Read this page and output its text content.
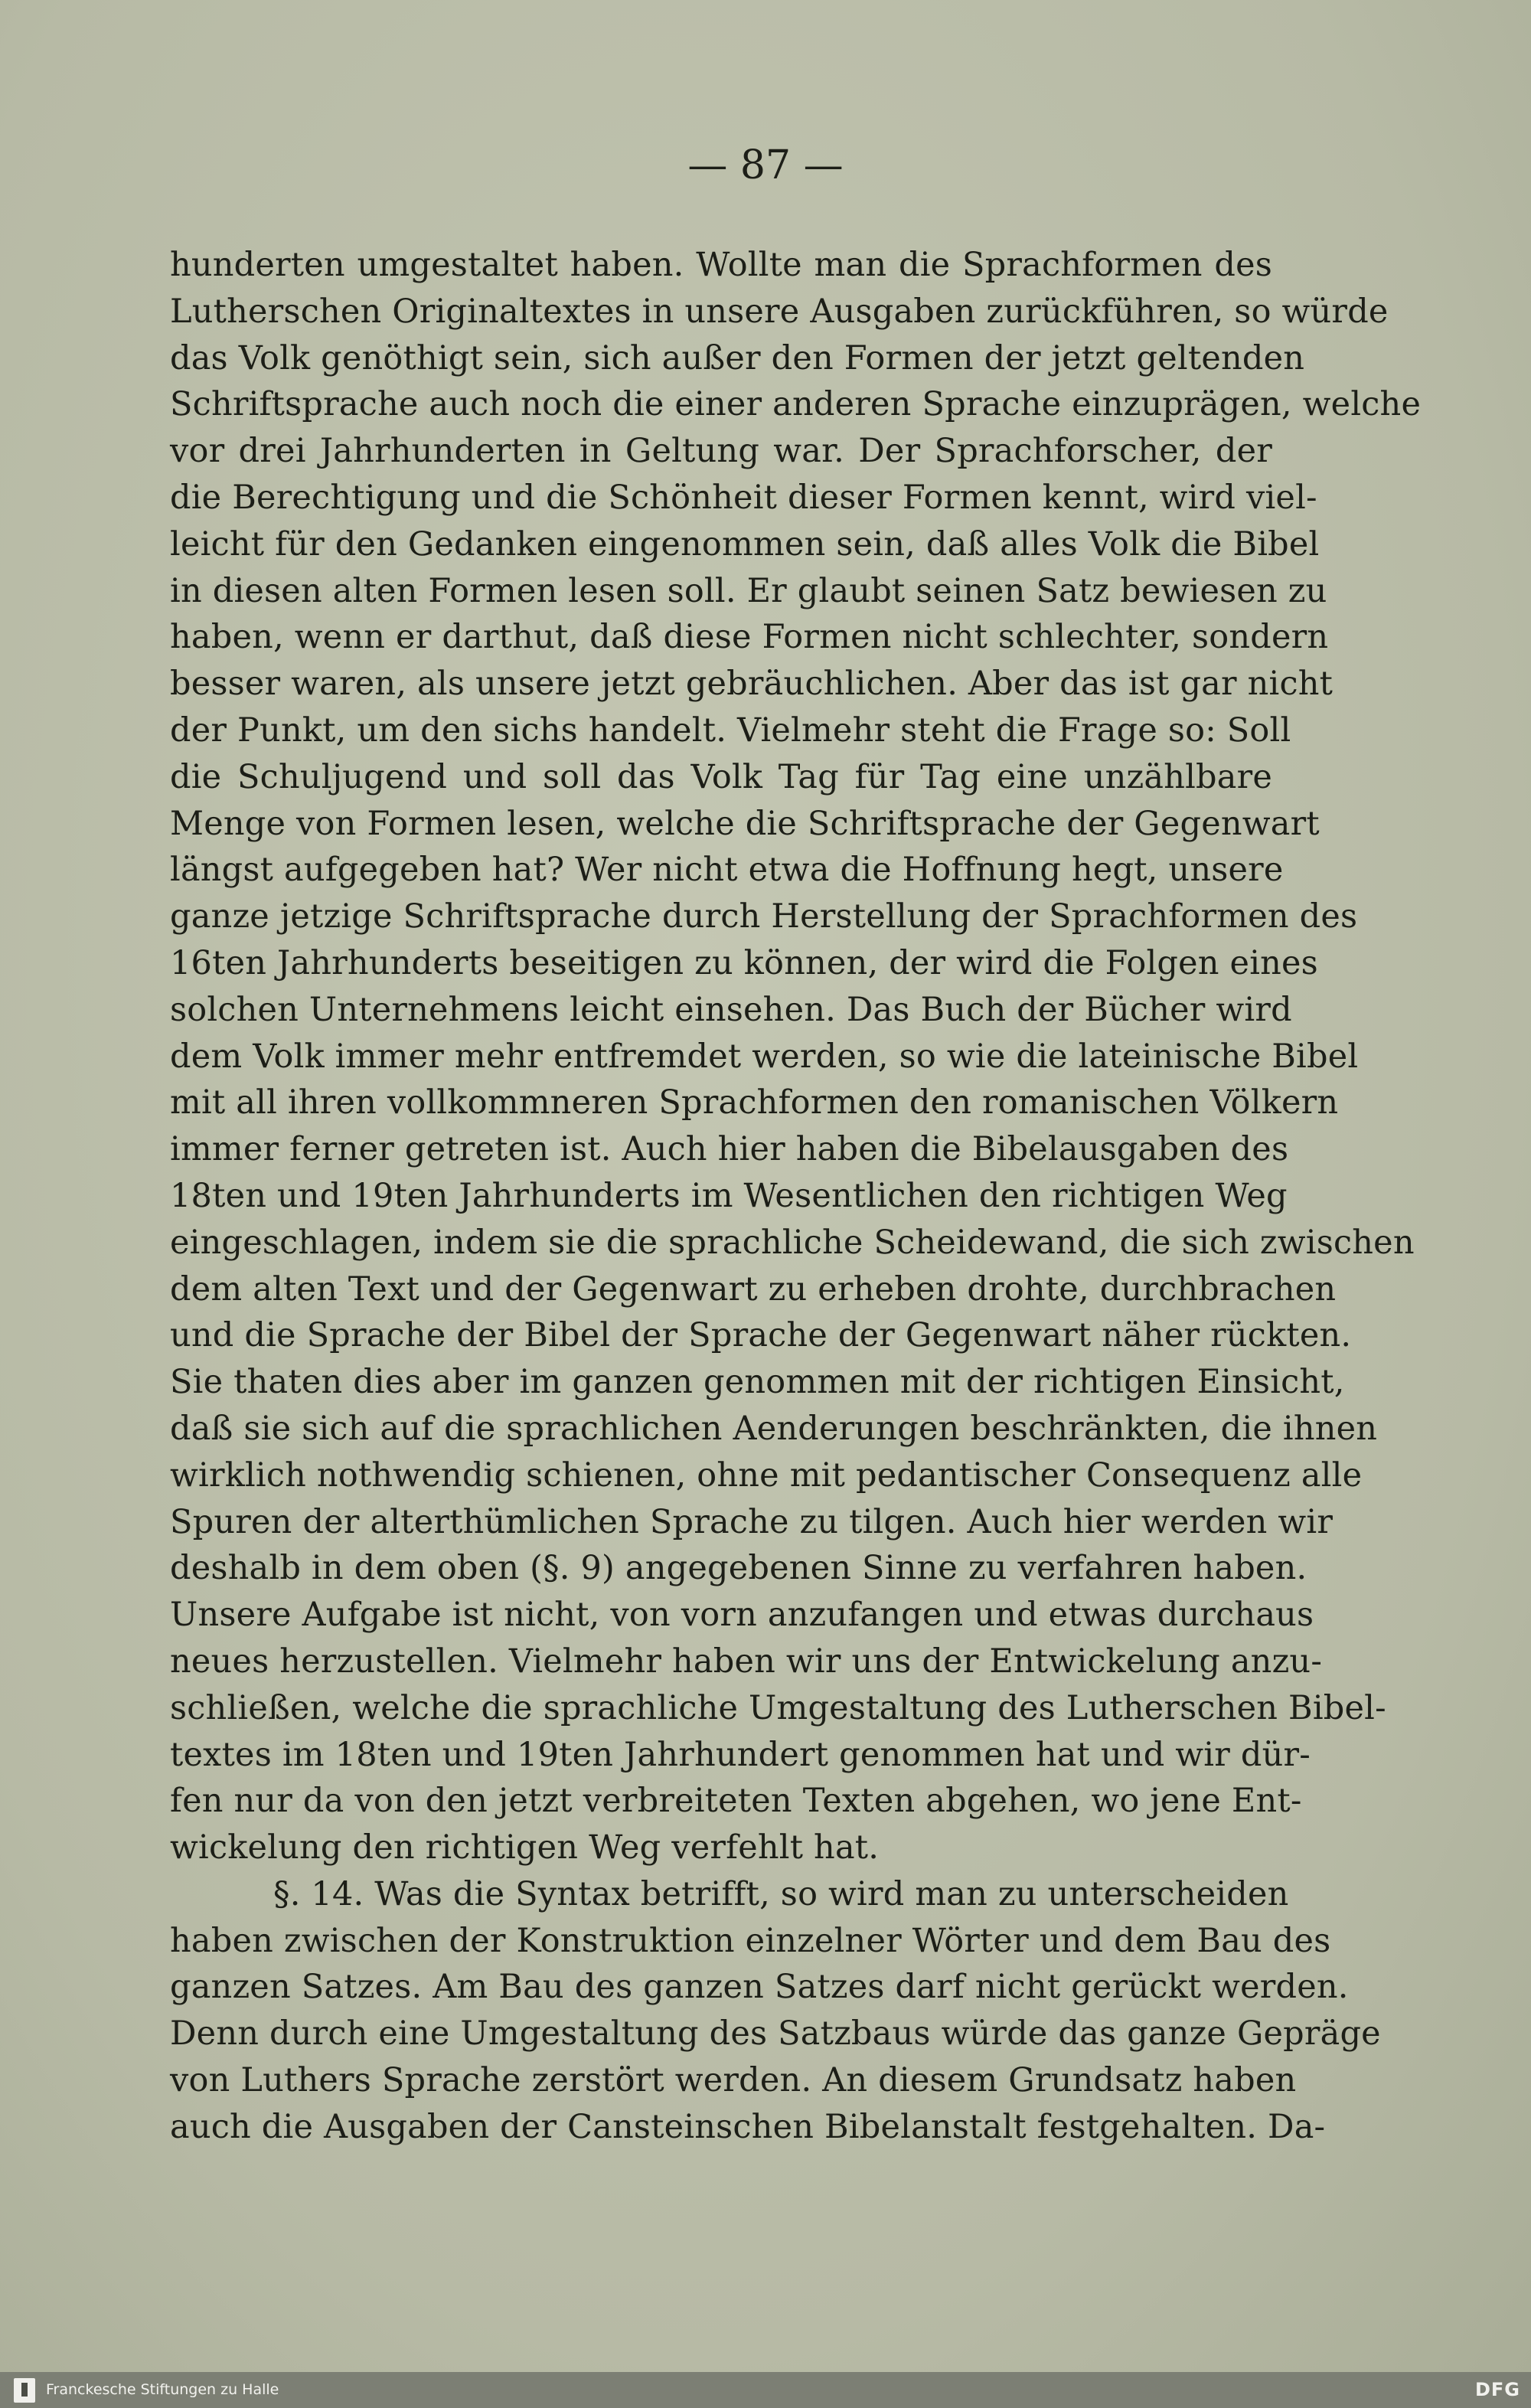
— 87 —
hunderten umgestaltet haben. Wollte man die Sprachformen des
Lutherschen Originaltextes in unsere Ausgaben zurückführen, so würde
das Volk genöthigt sein, sich außer den Formen der jetzt geltenden
Schriftsprache auch noch die einer anderen Sprache einzuprägen, welche
vor drei Jahrhunderten in Geltung war. Der Sprachforscher, der
die Berechtigung und die Schönheit dieser Formen kennt, wird viel-
leicht für den Gedanken eingenommen sein, daß alles Volk die Bibel
in diesen alten Formen lesen soll. Er glaubt seinen Satz bewiesen zu
haben, wenn er darthut, daß diese Formen nicht schlechter, sondern
besser waren, als unsere jetzt gebräuchlichen. Aber das ist gar nicht
der Punkt, um den sichs handelt. Vielmehr steht die Frage so: Soll
die Schuljugend und soll das Volk Tag für Tag eine unzählbare
Menge von Formen lesen, welche die Schriftsprache der Gegenwart
längst aufgegeben hat? Wer nicht etwa die Hoffnung hegt, unsere
ganze jetzige Schriftsprache durch Herstellung der Sprachformen des
16ten Jahrhunderts beseitigen zu können, der wird die Folgen eines
solchen Unternehmens leicht einsehen. Das Buch der Bücher wird
dem Volk immer mehr entfremdet werden, so wie die lateinische Bibel
mit all ihren vollkommneren Sprachformen den romanischen Völkern
immer ferner getreten ist. Auch hier haben die Bibelausgaben des
18ten und 19ten Jahrhunderts im Wesentlichen den richtigen Weg
eingeschlagen, indem sie die sprachliche Scheidewand, die sich zwischen
dem alten Text und der Gegenwart zu erheben drohte, durchbrachen
und die Sprache der Bibel der Sprache der Gegenwart näher rückten.
Sie thaten dies aber im ganzen genommen mit der richtigen Einsicht,
daß sie sich auf die sprachlichen Aenderungen beschränkten, die ihnen
wirklich nothwendig schienen, ohne mit pedantischer Consequenz alle
Spuren der alterthümlichen Sprache zu tilgen. Auch hier werden wir
deshalb in dem oben (§. 9) angegebenen Sinne zu verfahren haben.
Unsere Aufgabe ist nicht, von vorn anzufangen und etwas durchaus
neues herzustellen. Vielmehr haben wir uns der Entwickelung anzu-
schließen, welche die sprachliche Umgestaltung des Lutherschen Bibel-
textes im 18ten und 19ten Jahrhundert genommen hat und wir dür-
fen nur da von den jetzt verbreiteten Texten abgehen, wo jene Ent-
wickelung den richtigen Weg verfehlt hat.
§. 14. Was die Syntax betrifft, so wird man zu unterscheiden
haben zwischen der Konstruktion einzelner Wörter und dem Bau des
ganzen Satzes. Am Bau des ganzen Satzes darf nicht gerückt werden.
Denn durch eine Umgestaltung des Satzbaus würde das ganze Gepräge
von Luthers Sprache zerstört werden. An diesem Grundsatz haben
auch die Ausgaben der Cansteinschen Bibelanstalt festgehalten. Da-
Franckesche Stiftungen zu Halle	DFG
